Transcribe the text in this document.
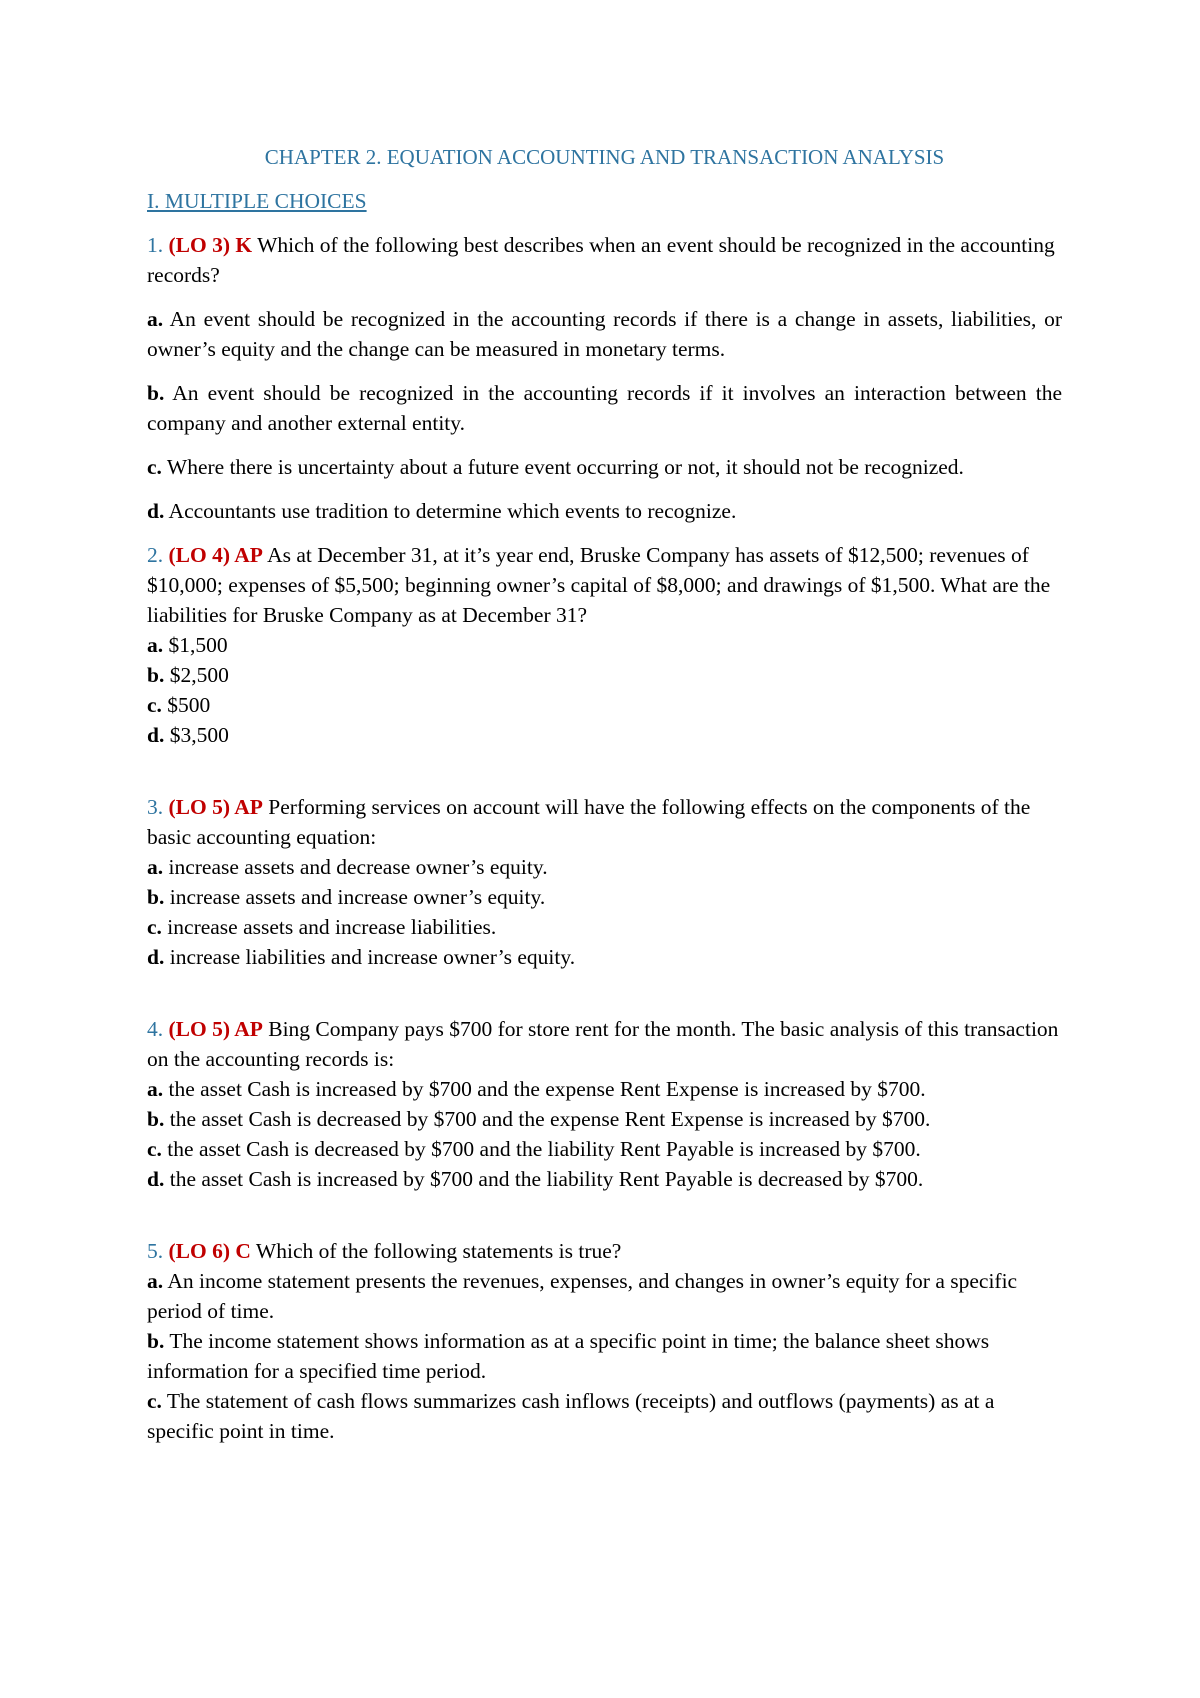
CHAPTER 2. EQUATION ACCOUNTING AND TRANSACTION ANALYSIS
I. MULTIPLE CHOICES
1. (LO 3) K Which of the following best describes when an event should be recognized in the accounting records?
a. An event should be recognized in the accounting records if there is a change in assets, liabilities, or owner’s equity and the change can be measured in monetary terms.
b. An event should be recognized in the accounting records if it involves an interaction between the company and another external entity.
c. Where there is uncertainty about a future event occurring or not, it should not be recognized.
d. Accountants use tradition to determine which events to recognize.
2. (LO 4) AP As at December 31, at it’s year end, Bruske Company has assets of $12,500; revenues of $10,000; expenses of $5,500; beginning owner’s capital of $8,000; and drawings of $1,500. What are the liabilities for Bruske Company as at December 31?
a. $1,500
b. $2,500
c. $500
d. $3,500
3. (LO 5) AP Performing services on account will have the following effects on the components of the basic accounting equation:
a. increase assets and decrease owner’s equity.
b. increase assets and increase owner’s equity.
c. increase assets and increase liabilities.
d. increase liabilities and increase owner’s equity.
4. (LO 5) AP Bing Company pays $700 for store rent for the month. The basic analysis of this transaction on the accounting records is:
a. the asset Cash is increased by $700 and the expense Rent Expense is increased by $700.
b. the asset Cash is decreased by $700 and the expense Rent Expense is increased by $700.
c. the asset Cash is decreased by $700 and the liability Rent Payable is increased by $700.
d. the asset Cash is increased by $700 and the liability Rent Payable is decreased by $700.
5. (LO 6) C Which of the following statements is true?
a. An income statement presents the revenues, expenses, and changes in owner’s equity for a specific period of time.
b. The income statement shows information as at a specific point in time; the balance sheet shows information for a specified time period.
c. The statement of cash flows summarizes cash inflows (receipts) and outflows (payments) as at a specific point in time.
